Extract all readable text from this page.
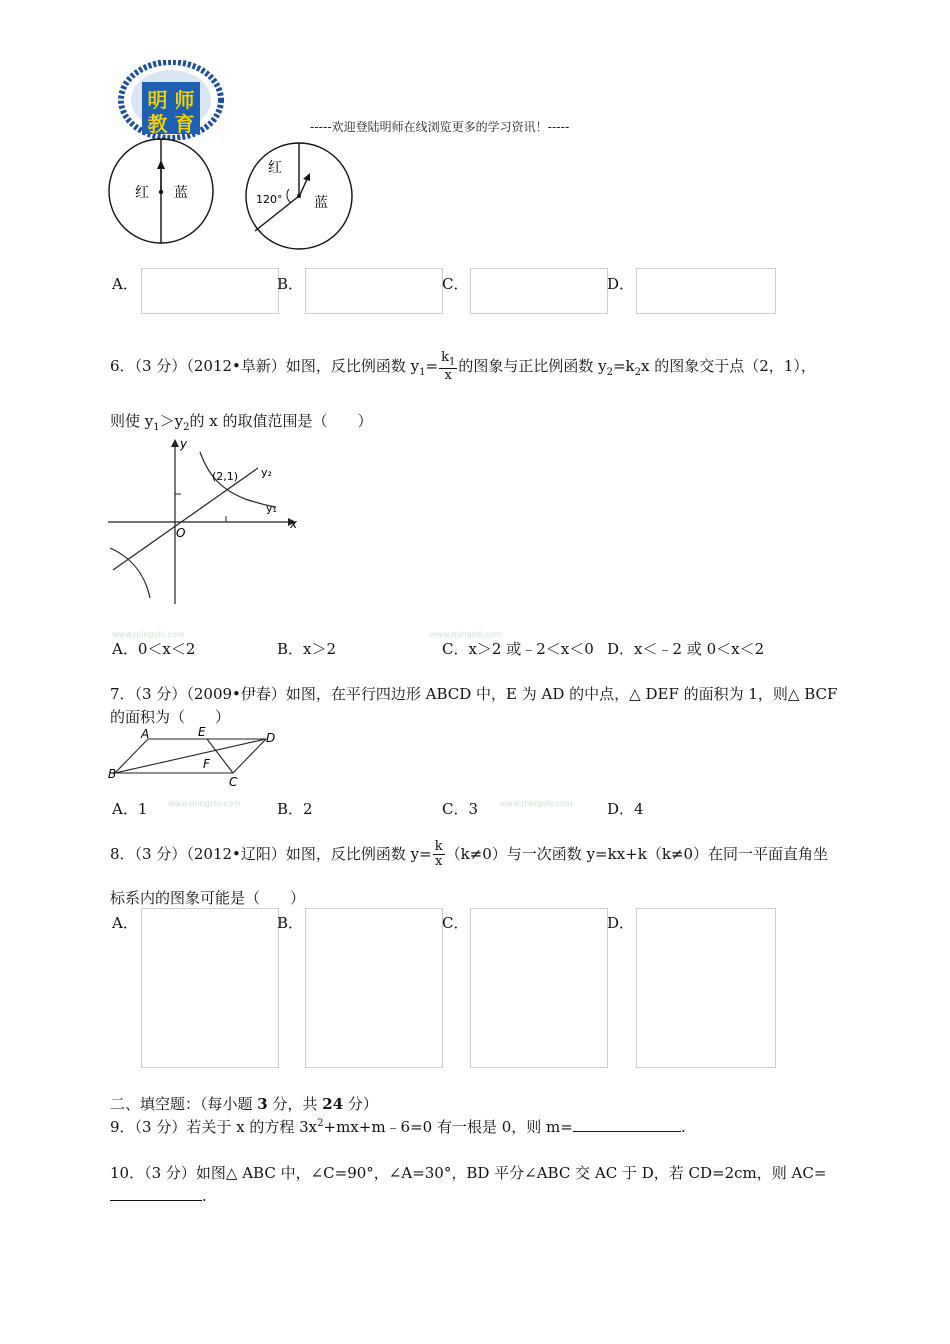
明 师
教 育	-----欢迎登陆明师在线浏览更多的学习资讯！-----
红 蓝
红
120° 蓝
A．	B．	C．	D．
6．（3 分）（2012•阜新）如图，反比例函数 $y_1= \frac{k_1}{x}$ 的图象与正比例函数 $y_2=k_2x$ 的图象交于点（2，1），
则使 $y_1>y_2$的 x 的取值范围是（　　）
y
x
O
(2,1) y₂
y₁
www.mingshi.com	www.mingshi.com
A．0＜x＜2	B．x＞2	C．x＞2 或﹣2＜x＜0 D．x＜﹣2 或 0＜x＜2
7．（3 分）（2009•伊春）如图，在平行四边形 ABCD 中，E 为 AD 的中点，△ DEF 的面积为 1，则△ BCF
的面积为（　　）
A	E	D
B
F
C
www.mingshi.com	www.mingshi.com
A．1	B．2	C．3	D．4
8．（3 分）（2012•辽阳）如图，反比例函数 $y= \frac{k}{x} (k\ne 0)$与一次函数 y=kx+k（k≠0）在同一平面直角坐
标系内的图象可能是（　　）
A．	B．	C．	D．
二、填空题：（每小题 3 分，共 24 分）
9．（3 分）若关于 x 的方程 $3x^2+mx+m﹣6=0$ 有一根是 0，则 m=	.
10．（3 分）如图△ ABC 中，∠C=90°，∠A=30°，BD 平分∠ABC 交 AC 于 D，若 CD=2cm，则 AC=
.
